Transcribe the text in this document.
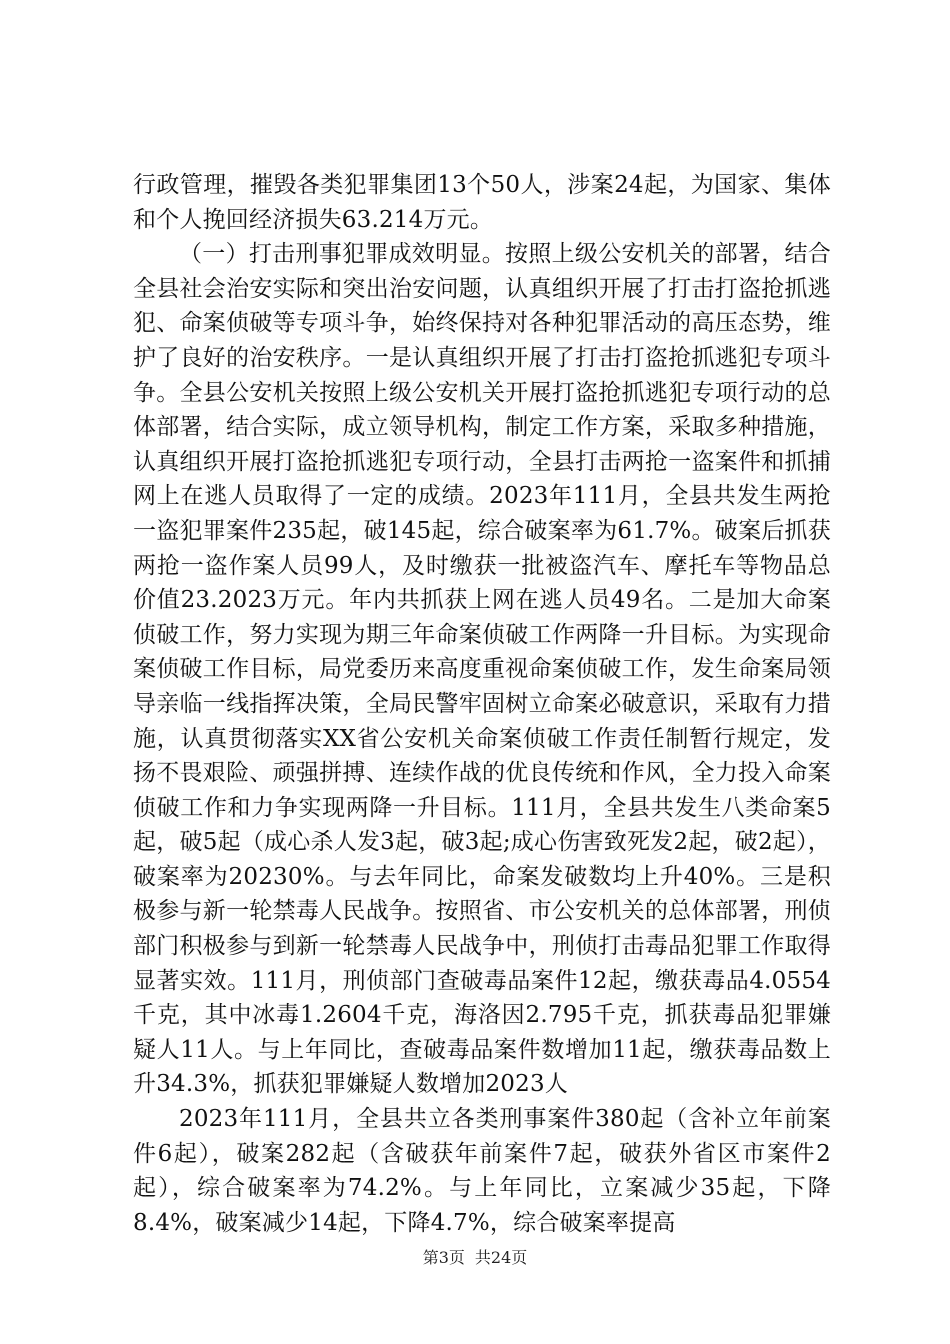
行政管理，摧毁各类犯罪集团13个50人，涉案24起，为国家、集体和个人挽回经济损失63.214万元。

（一）打击刑事犯罪成效明显。按照上级公安机关的部署，结合全县社会治安实际和突出治安问题，认真组织开展了打击打盗抢抓逃犯、命案侦破等专项斗争，始终保持对各种犯罪活动的高压态势，维护了良好的治安秩序。一是认真组织开展了打击打盗抢抓逃犯专项斗争。全县公安机关按照上级公安机关开展打盗抢抓逃犯专项行动的总体部署，结合实际，成立领导机构，制定工作方案，采取多种措施，认真组织开展打盗抢抓逃犯专项行动，全县打击两抢一盗案件和抓捕网上在逃人员取得了一定的成绩。2023年111月，全县共发生两抢一盗犯罪案件235起，破145起，综合破案率为61.7%。破案后抓获两抢一盗作案人员99人，及时缴获一批被盗汽车、摩托车等物品总价值23.2023万元。年内共抓获上网在逃人员49名。二是加大命案侦破工作，努力实现为期三年命案侦破工作两降一升目标。为实现命案侦破工作目标，局党委历来高度重视命案侦破工作，发生命案局领导亲临一线指挥决策，全局民警牢固树立命案必破意识，采取有力措施，认真贯彻落实XX省公安机关命案侦破工作责任制暂行规定，发扬不畏艰险、顽强拼搏、连续作战的优良传统和作风，全力投入命案侦破工作和力争实现两降一升目标。111月，全县共发生八类命案5起，破5起（成心杀人发3起，破3起;成心伤害致死发2起，破2起），破案率为20230%。与去年同比，命案发破数均上升40%。三是积极参与新一轮禁毒人民战争。按照省、市公安机关的总体部署，刑侦部门积极参与到新一轮禁毒人民战争中，刑侦打击毒品犯罪工作取得显著实效。111月，刑侦部门查破毒品案件12起，缴获毒品4.0554千克，其中冰毒1.2604千克，海洛因2.795千克，抓获毒品犯罪嫌疑人11人。与上年同比，查破毒品案件数增加11起，缴获毒品数上升34.3%，抓获犯罪嫌疑人数增加2023人

2023年111月，全县共立各类刑事案件380起（含补立年前案件6起），破案282起（含破获年前案件7起，破获外省区市案件2起），综合破案率为74.2%。与上年同比，立案减少35起，下降8.4%，破案减少14起，下降4.7%，综合破案率提高

第3页 共24页
